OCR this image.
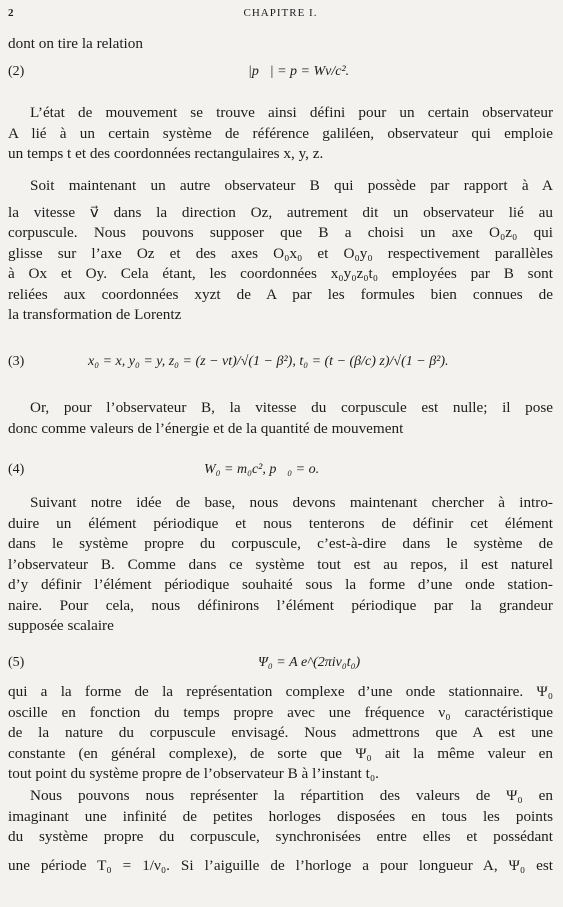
2	CHAPITRE I.
dont on tire la relation
(2)	|p⃗| = p = Wv/c².
L’état de mouvement se trouve ainsi défini pour un certain observateur
A lié à un certain système de référence galiléen, observateur qui emploie
un temps t et des coordonnées rectangulaires x, y, z.
Soit maintenant un autre observateur B qui possède par rapport à A
la vitesse v⃗ dans la direction Oz, autrement dit un observateur lié au
corpuscule. Nous pouvons supposer que B a choisi un axe O₀z₀ qui
glisse sur l’axe Oz et des axes O₀x₀ et O₀y₀ respectivement parallèles
à Ox et Oy. Cela étant, les coordonnées x₀y₀z₀t₀ employées par B sont
reliées aux coordonnées xyzt de A par les formules bien connues de
la transformation de Lorentz
(3)	x₀ = x, y₀ = y, z₀ = (z − vt)/√(1 − β²), t₀ = (t − (β/c) z)/√(1 − β²).
Or, pour l’observateur B, la vitesse du corpuscule est nulle; il pose
donc comme valeurs de l’énergie et de la quantité de mouvement
(4)	W₀ = m₀c², p⃗₀ = o.
Suivant notre idée de base, nous devons maintenant chercher à intro-
duire un élément périodique et nous tenterons de définir cet élément
dans le système propre du corpuscule, c’est-à-dire dans le système de
l’observateur B. Comme dans ce système tout est au repos, il est naturel
d’y définir l’élément périodique souhaité sous la forme d’une onde station-
naire. Pour cela, nous définirons l’élément périodique par la grandeur
supposée scalaire
(5)	Ψ₀ = A e^(2πiν₀t₀)
qui a la forme de la représentation complexe d’une onde stationnaire. Ψ₀
oscille en fonction du temps propre avec une fréquence ν₀ caractéristique
de la nature du corpuscule envisagé. Nous admettrons que A est une
constante (en général complexe), de sorte que Ψ₀ ait la même valeur en
tout point du système propre de l’observateur B à l’instant t₀.
Nous pouvons nous représenter la répartition des valeurs de Ψ₀ en
imaginant une infinité de petites horloges disposées en tous les points
du système propre du corpuscule, synchronisées entre elles et possédant
une période T₀ = 1/ν₀. Si l’aiguille de l’horloge a pour longueur A, Ψ₀ est
